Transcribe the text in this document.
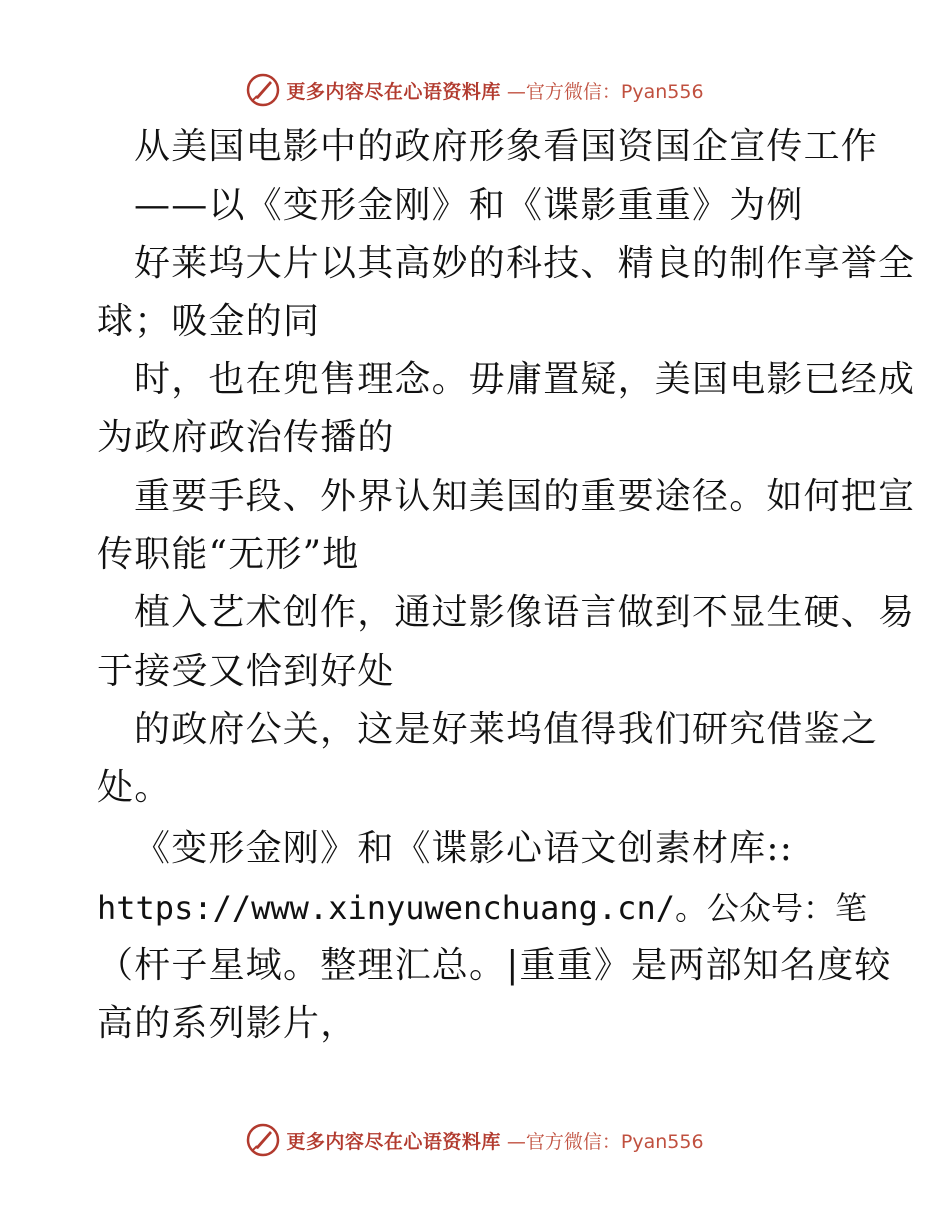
更多内容尽在心语资料库 —官方微信：Pyan556
从美国电影中的政府形象看国资国企宣传工作
——以《变形金刚》和《谍影重重》为例
好莱坞大片以其高妙的科技、精良的制作享誉全
球；吸金的同
时，也在兜售理念。毋庸置疑，美国电影已经成
为政府政治传播的
重要手段、外界认知美国的重要途径。如何把宣
传职能“无形”地
植入艺术创作，通过影像语言做到不显生硬、易
于接受又恰到好处
的政府公关，这是好莱坞值得我们研究借鉴之
处。
《变形金刚》和《谍影心语文创素材库::
https://www.xinyuwenchuang.cn/。公众号：笔
（杆子星域。整理汇总。|重重》是两部知名度较
高的系列影片，
更多内容尽在心语资料库 —官方微信：Pyan556
